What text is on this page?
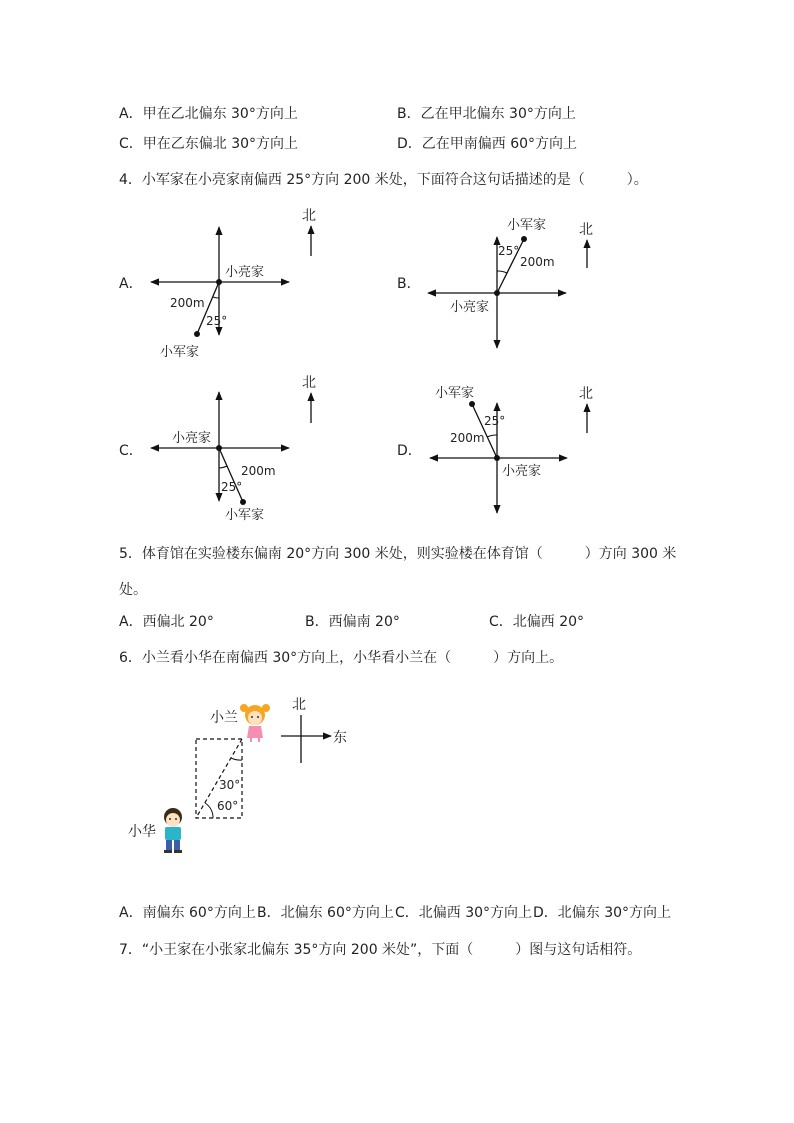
A．甲在乙北偏东 30°方向上	B．乙在甲北偏东 30°方向上
C．甲在乙东偏北 30°方向上	D．乙在甲南偏西 60°方向上
4．小军家在小亮家南偏西 25°方向 200 米处，下面符合这句话描述的是（　　　）。
A．	B．
C．	D．
北
小亮家
200m
25°
小军家
北
小军家
25°
200m
小亮家
北
小亮家
200m
25°
小军家
北
小军家
25°
200m
小亮家
北
东
30°
60°
小兰
小华
5．体育馆在实验楼东偏南 20°方向 300 米处，则实验楼在体育馆（　　　）方向 300 米
处。
A．西偏北 20°	B．西偏南 20°	C．北偏西 20°
6．小兰看小华在南偏西 30°方向上，小华看小兰在（　　　）方向上。
A．南偏东 60°方向上 B．北偏东 60°方向上 C．北偏西 30°方向上 D．北偏东 30°方向上
7．“小王家在小张家北偏东 35°方向 200 米处”，下面（　　　）图与这句话相符。
